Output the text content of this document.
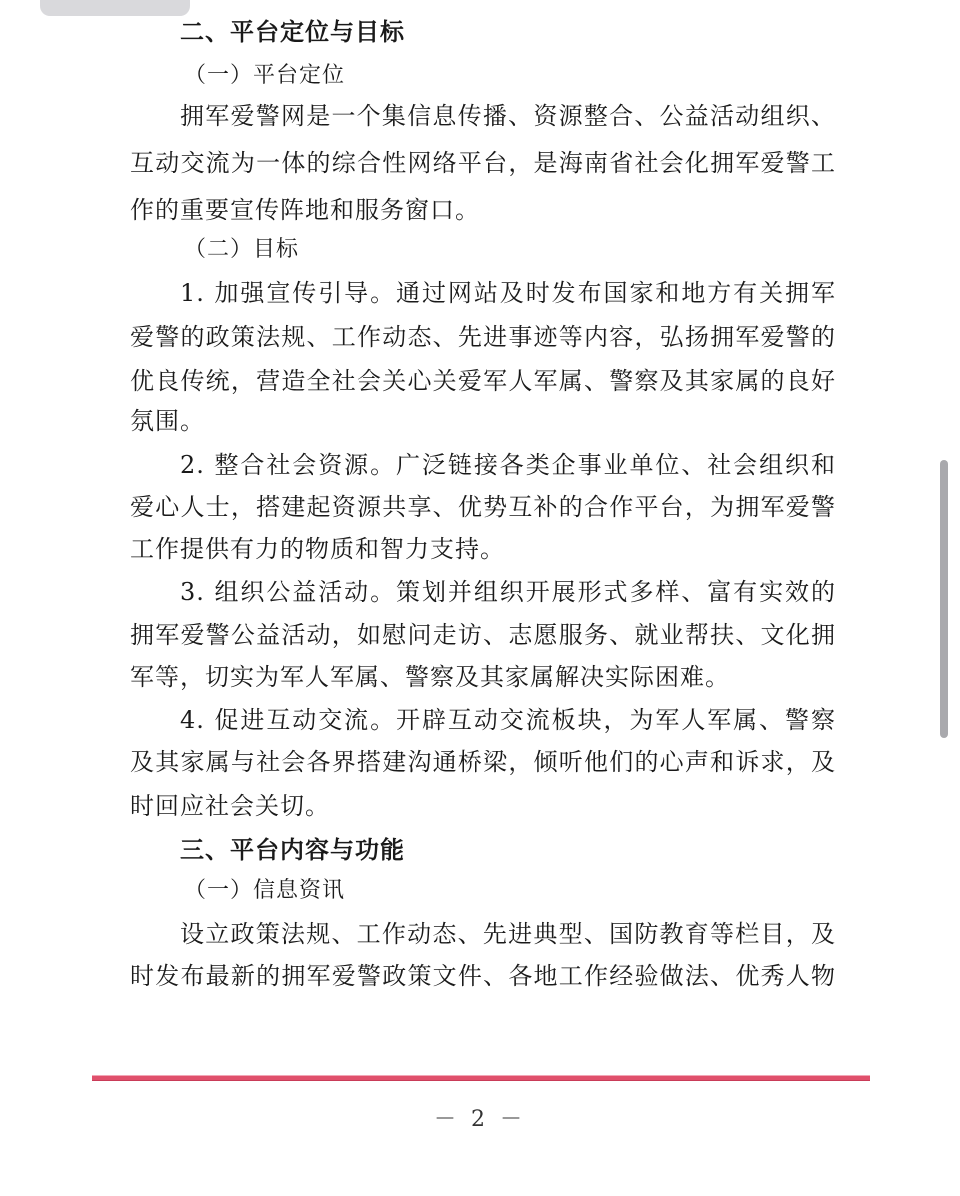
二、平台定位与目标
（一）平台定位
拥军爱警网是一个集信息传播、资源整合、公益活动组织、
互动交流为一体的综合性网络平台，是海南省社会化拥军爱警工
作的重要宣传阵地和服务窗口。
（二）目标
1. 加强宣传引导。通过网站及时发布国家和地方有关拥军
爱警的政策法规、工作动态、先进事迹等内容，弘扬拥军爱警的
优良传统，营造全社会关心关爱军人军属、警察及其家属的良好
氛围。
2. 整合社会资源。广泛链接各类企事业单位、社会组织和
爱心人士，搭建起资源共享、优势互补的合作平台，为拥军爱警
工作提供有力的物质和智力支持。
3. 组织公益活动。策划并组织开展形式多样、富有实效的
拥军爱警公益活动，如慰问走访、志愿服务、就业帮扶、文化拥
军等，切实为军人军属、警察及其家属解决实际困难。
4. 促进互动交流。开辟互动交流板块，为军人军属、警察
及其家属与社会各界搭建沟通桥梁，倾听他们的心声和诉求，及
时回应社会关切。
三、平台内容与功能
（一）信息资讯
设立政策法规、工作动态、先进典型、国防教育等栏目，及
时发布最新的拥军爱警政策文件、各地工作经验做法、优秀人物
－ 2 －
